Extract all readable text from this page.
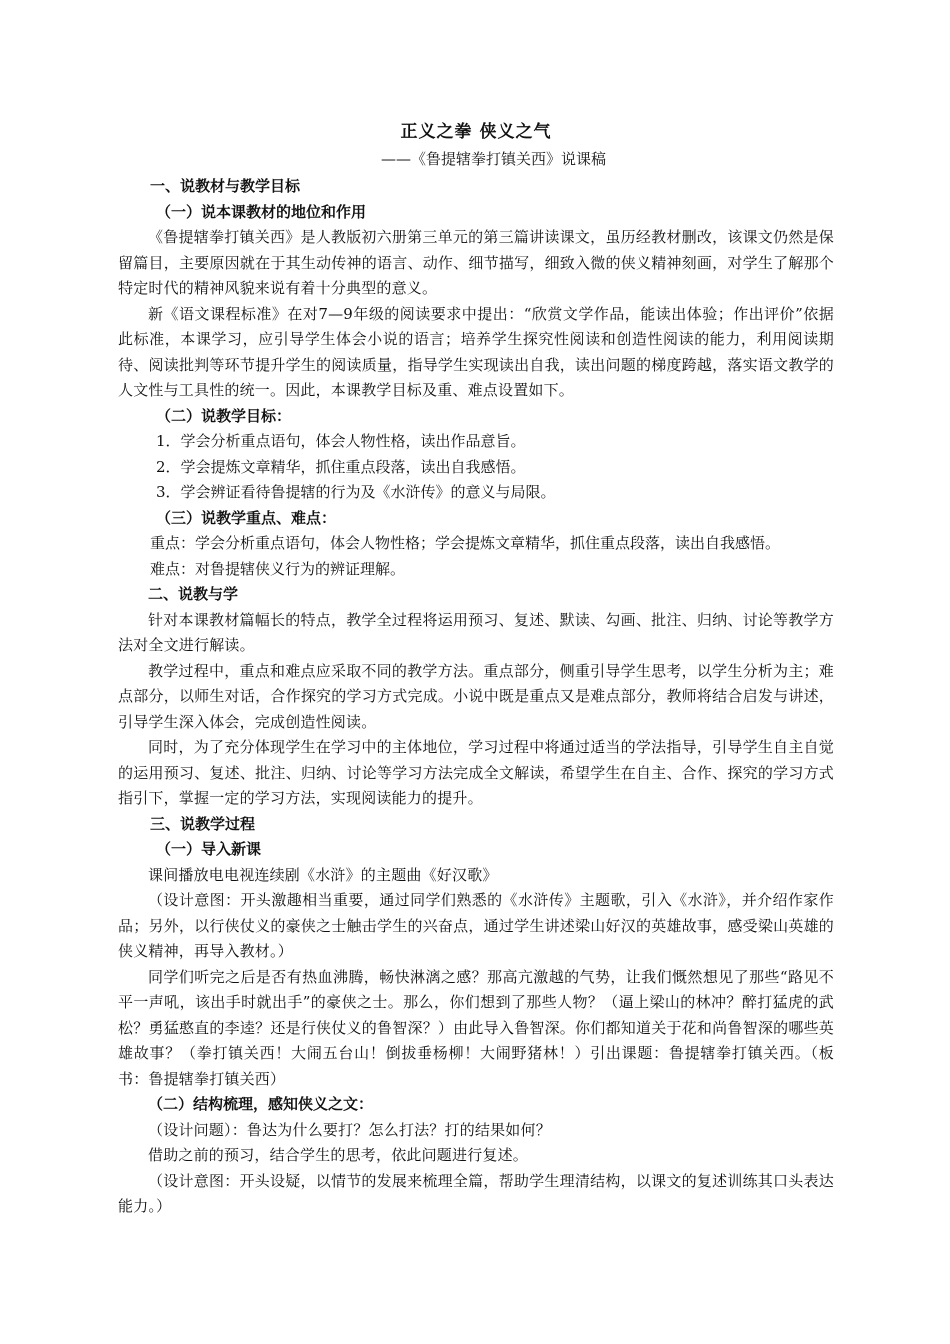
正义之拳 侠义之气
——《鲁提辖拳打镇关西》说课稿
一、说教材与教学目标
（一）说本课教材的地位和作用

《鲁提辖拳打镇关西》是人教版初六册第三单元的第三篇讲读课文，虽历经教材删改，该课文仍然是保留篇目，主要原因就在于其生动传神的语言、动作、细节描写，细致入微的侠义精神刻画，对学生了解那个特定时代的精神风貌来说有着十分典型的意义。

新《语文课程标准》在对7—9年级的阅读要求中提出：“欣赏文学作品，能读出体验；作出评价”依据此标准，本课学习，应引导学生体会小说的语言；培养学生探究性阅读和创造性阅读的能力，利用阅读期待、阅读批判等环节提升学生的阅读质量，指导学生实现读出自我，读出问题的梯度跨越，落实语文教学的人文性与工具性的统一。因此，本课教学目标及重、难点设置如下。

（二）说教学目标：

1．学会分析重点语句，体会人物性格，读出作品意旨。

2．学会提炼文章精华，抓住重点段落，读出自我感悟。

3．学会辨证看待鲁提辖的行为及《水浒传》的意义与局限。

（三）说教学重点、难点：

重点：学会分析重点语句，体会人物性格；学会提炼文章精华，抓住重点段落，读出自我感悟。

难点：对鲁提辖侠义行为的辨证理解。

二、说教与学

针对本课教材篇幅长的特点，教学全过程将运用预习、复述、默读、勾画、批注、归纳、讨论等教学方法对全文进行解读。

教学过程中，重点和难点应采取不同的教学方法。重点部分，侧重引导学生思考，以学生分析为主；难点部分，以师生对话，合作探究的学习方式完成。小说中既是重点又是难点部分，教师将结合启发与讲述，引导学生深入体会，完成创造性阅读。

同时，为了充分体现学生在学习中的主体地位，学习过程中将通过适当的学法指导，引导学生自主自觉的运用预习、复述、批注、归纳、讨论等学习方法完成全文解读，希望学生在自主、合作、探究的学习方式指引下，掌握一定的学习方法，实现阅读能力的提升。

三、说教学过程
（一）导入新课

课间播放电电视连续剧《水浒》的主题曲《好汉歌》

（设计意图：开头激趣相当重要，通过同学们熟悉的《水浒传》主题歌，引入《水浒》，并介绍作家作品；另外，以行侠仗义的豪侠之士触击学生的兴奋点，通过学生讲述梁山好汉的英雄故事，感受梁山英雄的侠义精神，再导入教材。）

同学们听完之后是否有热血沸腾，畅快淋漓之感？那高亢激越的气势，让我们慨然想见了那些“路见不平一声吼，该出手时就出手”的豪侠之士。那么，你们想到了那些人物？（逼上梁山的林冲？醉打猛虎的武松？勇猛憨直的李逵？还是行侠仗义的鲁智深？）由此导入鲁智深。你们都知道关于花和尚鲁智深的哪些英雄故事？（拳打镇关西！大闹五台山！倒拔垂杨柳！大闹野猪林！）引出课题：鲁提辖拳打镇关西。（板书：鲁提辖拳打镇关西）

（二）结构梳理，感知侠义之文：

（设计问题）：鲁达为什么要打？怎么打法？打的结果如何？

借助之前的预习，结合学生的思考，依此问题进行复述。

（设计意图：开头设疑，以情节的发展来梳理全篇，帮助学生理清结构，以课文的复述训练其口头表达能力。）
